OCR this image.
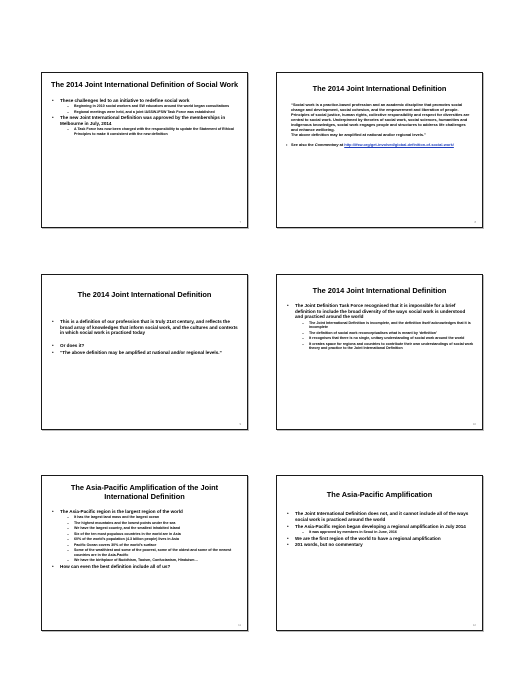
The 2014 Joint International Definition of Social Work
• These challenges led to an initiative to redefine social work
– Beginning in 2010 social workers and SW educators around the world began consultations
– Regional meetings were held, and a joint IASSW-IFSW Task Force was established
• The new Joint International Definition was approved by the memberships in Melbourne in July, 2014
– A Task Force has now been charged with the responsibility to update the Statement of Ethical Principles to make it consistent with the new definition
7
The 2014 Joint International Definition

“Social work is a practice-based profession and an academic discipline that promotes social change and development, social cohesion, and the empowerment and liberation of people. Principles of social justice, human rights, collective responsibility and respect for diversities are central to social work. Underpinned by theories of social work, social sciences, humanities and indigenous knowledges, social work engages people and structures to address life challenges and enhance wellbeing.

The above definition may be amplified at national and/or regional levels.”

• See also the Commentary at http://ifsw.org/get-involved/global-definition-of-social-work/
8
The 2014 Joint International Definition
• This is a definition of our profession that is truly 21st century, and reflects the broad array of knowledges that inform social work, and the cultures and contexts in which social work is practiced today
• Or does it?
• “The above definition may be amplified at national and/or regional levels.”
9
The 2014 Joint International Definition
• The Joint Definition Task Force recognised that it is impossible for a brief definition to include the broad diversity of the ways social work is understood and practiced around the world
– The Joint International Definition is incomplete, and the definition itself acknowledges that it is incomplete
– The definition of social work reconceptualises what is meant by ‘definition’
– It recognises that there is no single, unitary understanding of social work around the world
– It creates space for regions and countries to contribute their own understandings of social work theory and practice to the Joint International Definition
10
The Asia-Pacific Amplification of the Joint International Definition
• The Asia-Pacific region is the largest region of the world
– It has the largest land mass and the largest ocean
– The highest mountains and the lowest points under the sea
– We have the largest country, and the smallest inhabited island
– Six of the ten most populous countries in the world are in Asia
– 60% of the world’s population (4.3 billion people) lives in Asia
– Pacific Ocean covers 30% of the world’s surface
– Some of the wealthiest and some of the poorest, some of the oldest and some of the newest countries are in the Asia-Pacific
– We have the birthplace of Buddhism, Taoism, Confucianism, Hinduism…
• How can even the best definition include all of us?
11
The Asia-Pacific Amplification
• The Joint International Definition does not, and it cannot include all of the ways social work is practiced around the world
• The Asia-Pacific region began developing a regional amplification in July 2014
– It was approved by members in Seoul in June, 2016
• We are the first region of the world to have a regional amplification
• 201 words, but no commentary
12
